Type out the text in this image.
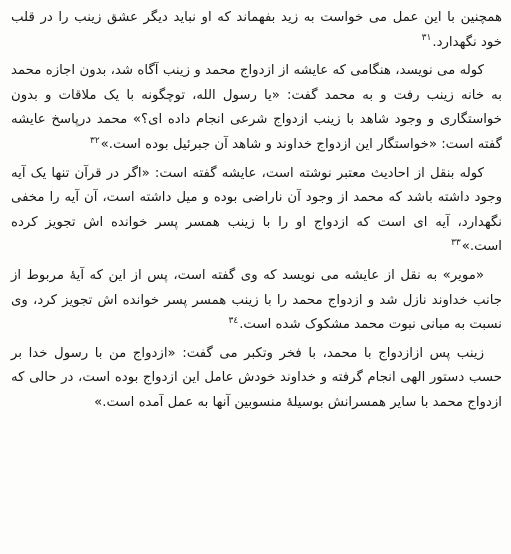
همچنین با این عمل می خواست به زید بفهماند که او نباید دیگر عشق زینب را در قلب خود نگهدارد.$^{٣١}$

کوله می نویسد، هنگامی که عایشه از ازدواج محمد و زینب آگاه شد، بدون اجازه محمد به خانه زینب رفت و به محمد گفت: «یا رسول الله، توچگونه با یک ملاقات و بدون خواستگاری و وجود شاهد با زینب ازدواج شرعی انجام داده ای؟» محمد درپاسخ عایشه گفته است: «خواستگار این ازدواج خداوند و شاهد آن جبرئیل بوده است.»$^{٣٢}$

کوله بنقل از احادیث معتبر نوشته است، عایشه گفته است: «اگر در قرآن تنها یک آیه وجود داشته باشد که محمد از وجود آن ناراضی بوده و میل داشته است، آن آیه را مخفی نگهدارد، آیه ای است که ازدواج او را با زینب همسر پسر خوانده اش تجویز کرده است.»$^{٣٣}$

«مویر» به نقل از عایشه می نویسد که وی گفته است، پس از این که آیهٔ مربوط از جانب خداوند نازل شد و ازدواج محمد را با زینب همسر پسر خوانده اش تجویز کرد، وی نسبت به مبانی نبوت محمد مشکوک شده است.$^{٣٤}$

زینب پس ازازدواج با محمد، با فخر وتکبر می گفت: «ازدواج من با رسول خدا بر حسب دستور الهی انجام گرفته و خداوند خودش عامل این ازدواج بوده است، در حالی که ازدواج محمد با سایر همسرانش بوسیلهٔ منسوبین آنها به عمل آمده است.»
